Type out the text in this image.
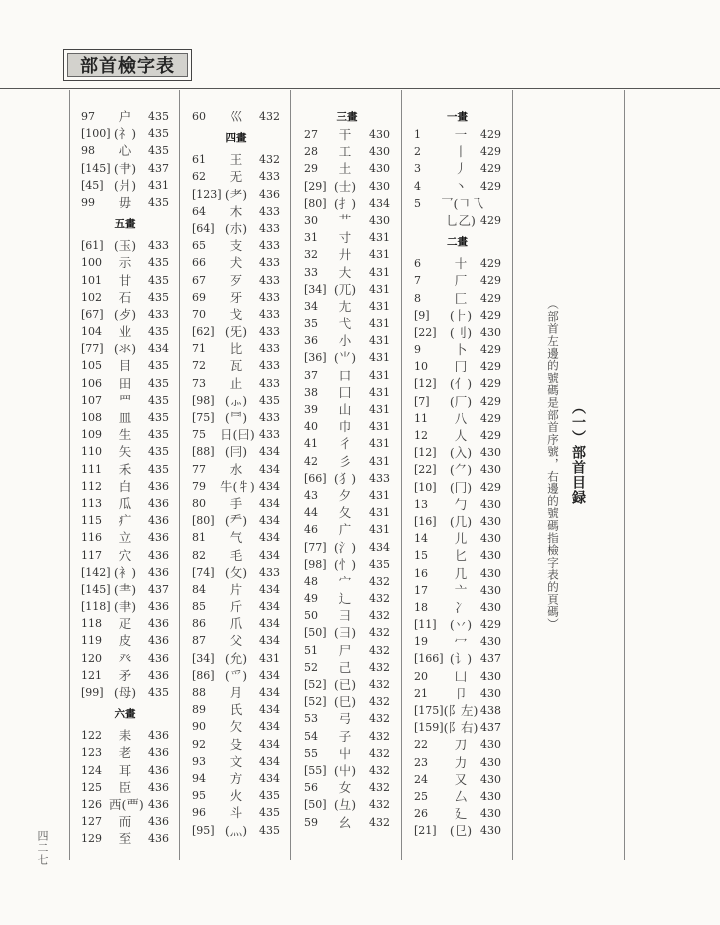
部首檢字表
97	户	435
[100] (礻)	435
98	心	435
[145] (肀)	437
[45] (爿)	431
99	毋	435
五畫
[61] (玉)	433
100	示	435
101	甘	435
102	石	435
[67] (歺)	433
104	业	435
[77] (氺)	434
105	目	435
106	田	435
107	罒	435
108	皿	435
109	生	435
110	矢	435
111	禾	435
112	白	436
113	瓜	436
115	疒	436
116	立	436
117	穴	436
[142] (衤)	436
[145] (⺻)	437
[118] (𦘒)	436
118	疋	436
119	皮	436
120	癶	436
121	矛	436
[99] (母)	435
六畫
122	耒	436
123	老	436
124	耳	436
125	臣	436
126 西(覀) 436
127	而	436
129	至	436
60	巛	432
四畫
61	王	432
62	无	433
[123] (耂)	436
64	木	433
[64] (朩)	433
65	支	433
66	犬	433
67	歹	433
69	牙	433
70	戈	433
[62] (旡)	433
71	比	433
72	瓦	433
73	止	433
[98] (⺗)	435
[75] (⺜)	433
75 日(曰) 433
[88] (冃)	434
77	水	434
79 牛(牜) 434
80	手	434
[80] (龵)	434
81	气	434
82	毛	434
[74] (攵)	433
84	片	434
85	斤	434
86	爪	434
87	父	434
[34] (允)	431
[86] (爫)	434
88	月	434
89	氏	434
90	欠	434
92	殳	434
93	文	434
94	方	434
95	火	435
96	斗	435
[95] (灬)	435
三畫
27	干	430
28	工	430
29	土	430
[29] (士)	430
[80] (扌)	434
30	艹	430
31	寸	431
32	廾	431
33	大	431
[34] (兀)	431
34	尢	431
35	弋	431
36	小	431
[36] (⺌)	431
37	口	431
38	囗	431
39	山	431
40	巾	431
41	彳	431
42	彡	431
[66] (犭)	433
43	夕	431
44	夂	431
46	广	431
[77] (氵)	434
[98] (忄)	435
48	宀	432
49	辶	432
50	彐	432
[50] (彐)	432
51	尸	432
52	己	432
[52] (已)	432
[52] (巳)	432
53	弓	432
54	子	432
55	屮	432
[55] (屮)	432
56	女	432
[50] (彑)	432
59	幺	432
一畫
1	一	429
2	丨	429
3	丿	429
4	丶	429
5 乛(𠃍乁
乚乙) 429
二畫
6	十	429
7	厂	429
8	匚	429
[9]	(⺊) 429
[22]	(刂) 430
9	卜	429
10	冂	429
[12]	(亻) 429
[7]	(厂) 429
11	八	429
12	人	429
[12]	(入) 430
[22]	(⺈) 430
[10]	(冂) 429
13	勹	430
[16]	(几) 430
14	儿	430
15	匕	430
16	几	430
17	亠	430
18	冫	430
[11]	(丷) 429
19	冖	430
[166] (讠) 437
20	凵	430
21	卩	430
[175] (阝左) 438
[159] (阝右) 437
22	刀	430
23	力	430
24	又	430
25	厶	430
26	廴	430
[21]	(㔾) 430
（一）部首目録
（部首左邊的號碼是部首序號，右邊的號碼指檢字表的頁碼）
四二七
